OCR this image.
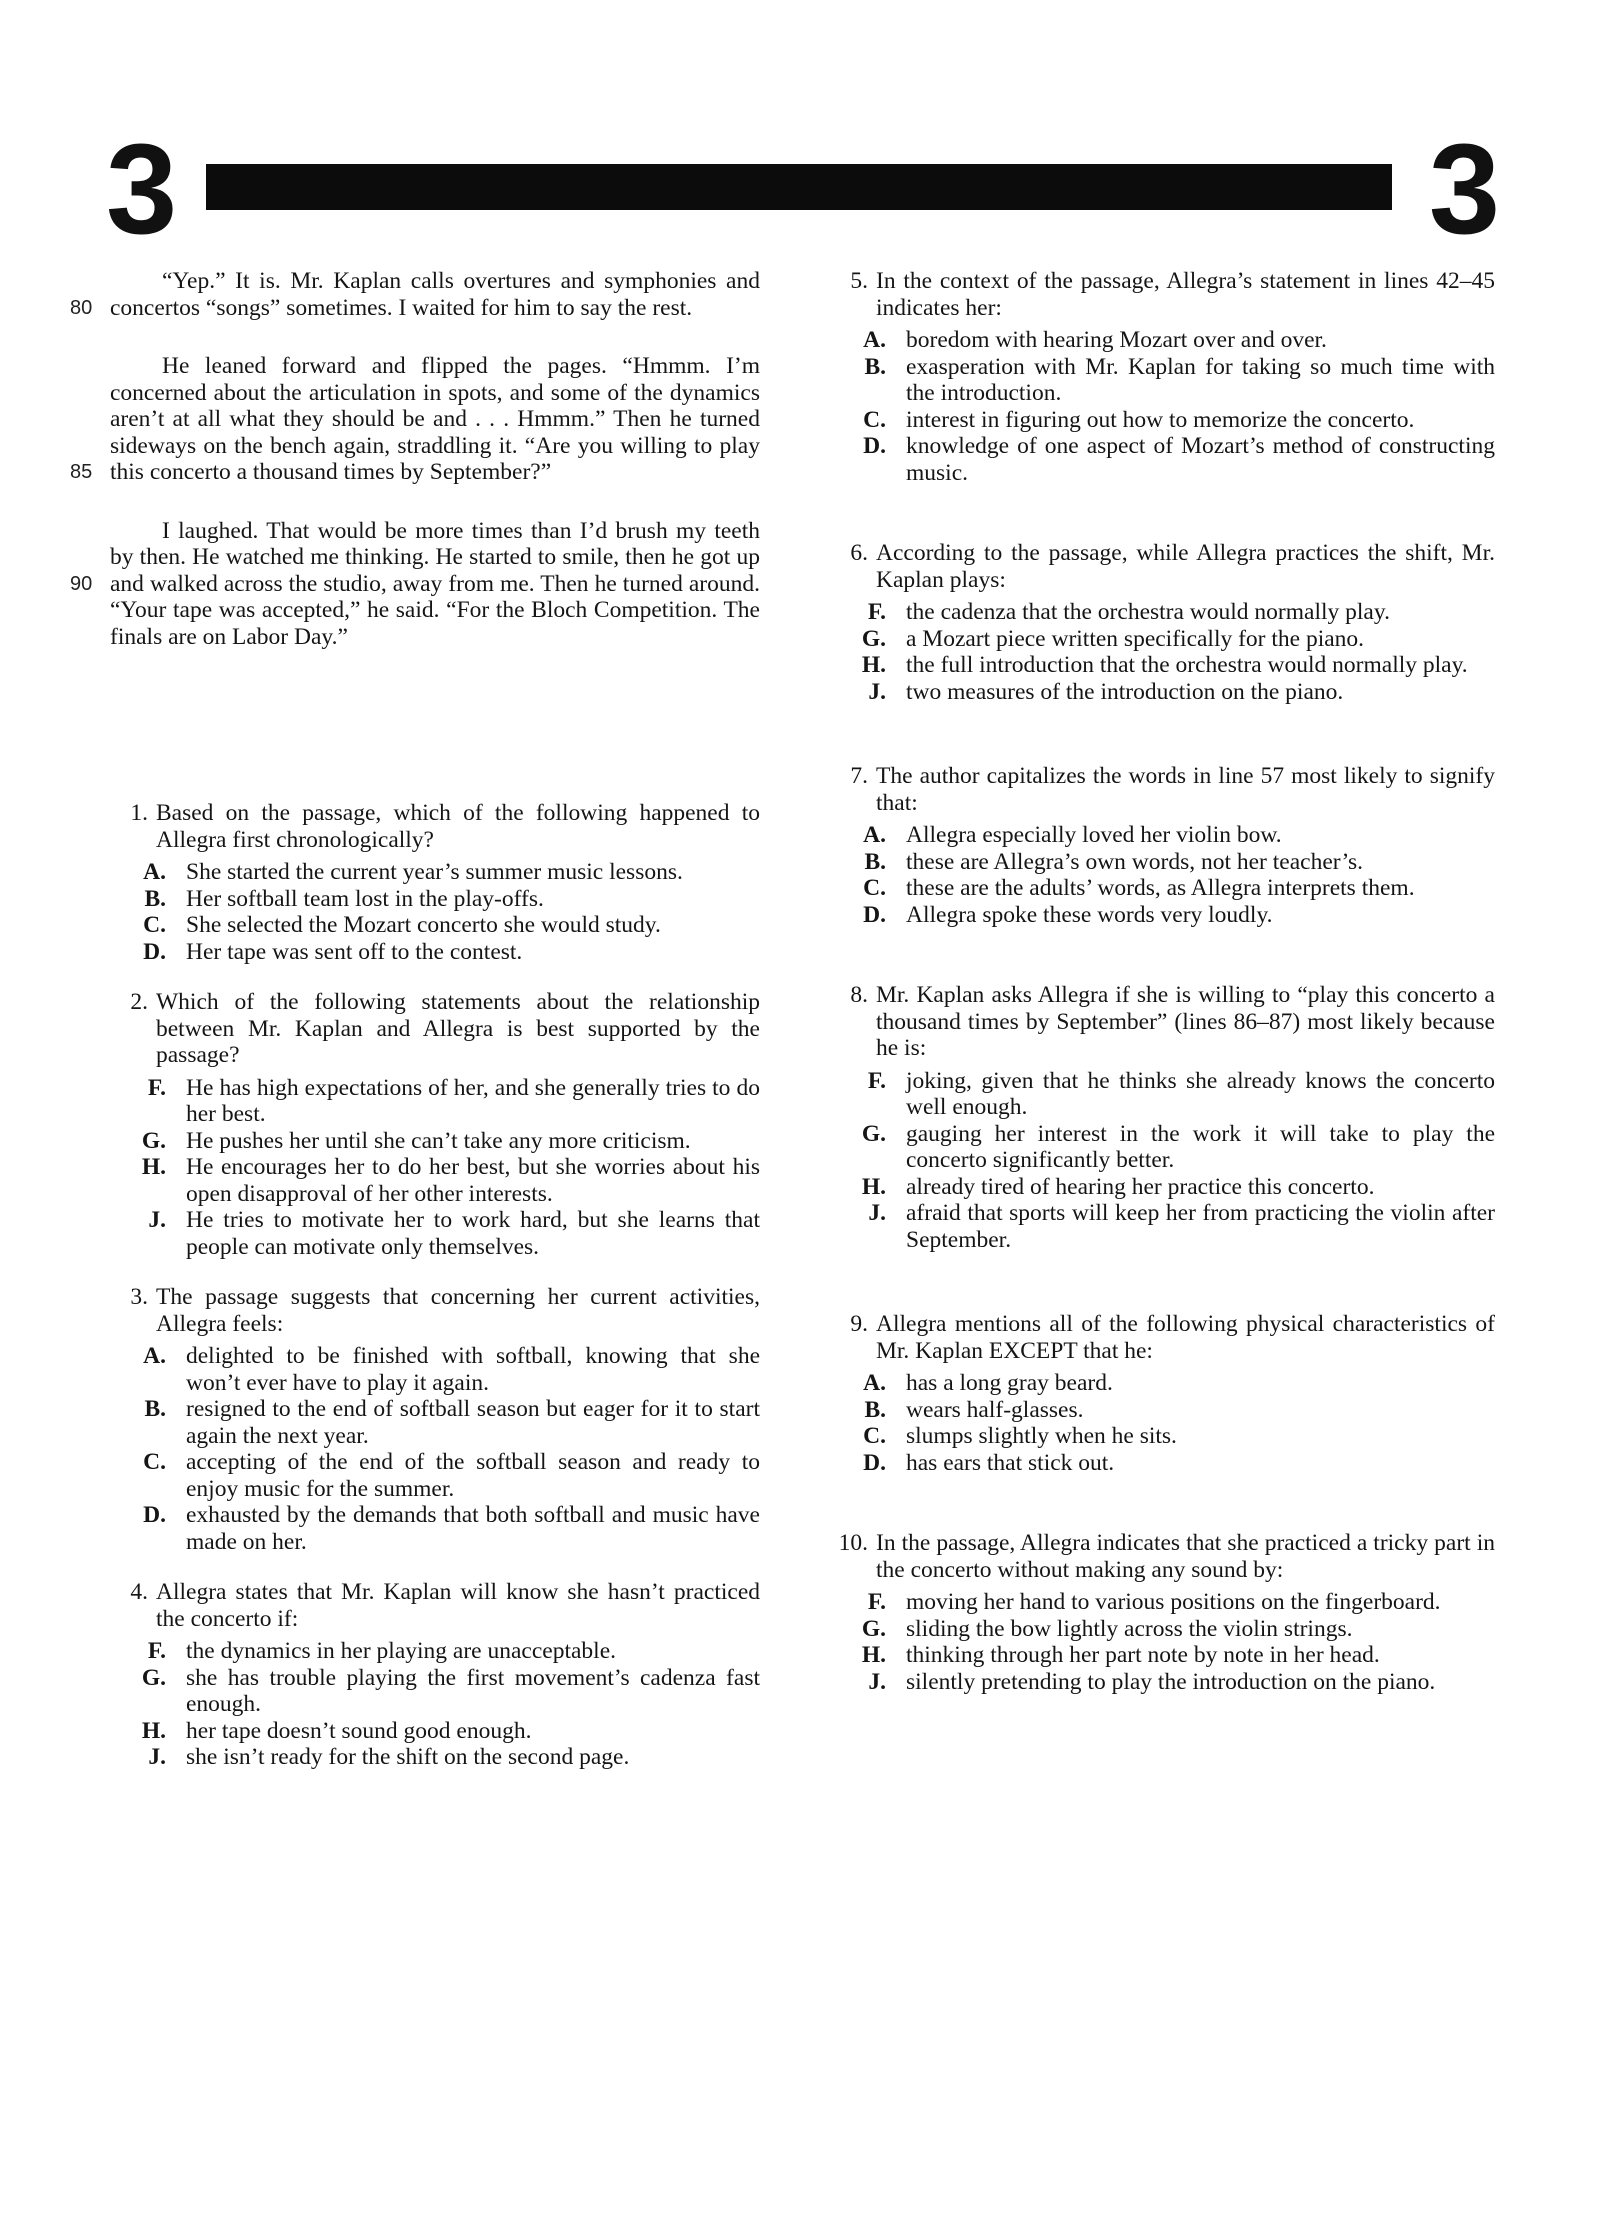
3	3
80

“Yep.” It is. Mr. Kaplan calls overtures and symphonies and concertos “songs” sometimes. I waited for him to say the rest.

85

He leaned forward and flipped the pages. “Hmmm. I’m concerned about the articulation in spots, and some of the dynamics aren’t at all what they should be and . . . Hmmm.” Then he turned sideways on the bench again, straddling it. “Are you willing to play this concerto a thousand times by September?”

90

I laughed. That would be more times than I’d brush my teeth by then. He watched me thinking. He started to smile, then he got up and walked across the studio, away from me. Then he turned around. “Your tape was accepted,” he said. “For the Bloch Competition. The finals are on Labor Day.”

1. Based on the passage, which of the following happened to Allegra first chronologically?
A. She started the current year’s summer music lessons.
B. Her softball team lost in the play-offs.
C. She selected the Mozart concerto she would study.
D. Her tape was sent off to the contest.
2. Which of the following statements about the relationship between Mr. Kaplan and Allegra is best supported by the passage?
F. He has high expectations of her, and she generally tries to do her best.
G. He pushes her until she can’t take any more criticism.
H. He encourages her to do her best, but she worries about his open disapproval of her other interests.
J. He tries to motivate her to work hard, but she learns that people can motivate only themselves.
3. The passage suggests that concerning her current activities, Allegra feels:
A. delighted to be finished with softball, knowing that she won’t ever have to play it again.
B. resigned to the end of softball season but eager for it to start again the next year.
C. accepting of the end of the softball season and ready to enjoy music for the summer.
D. exhausted by the demands that both softball and music have made on her.
4. Allegra states that Mr. Kaplan will know she hasn’t practiced the concerto if:
F. the dynamics in her playing are unacceptable.
G. she has trouble playing the first movement’s cadenza fast enough.
H. her tape doesn’t sound good enough.
J. she isn’t ready for the shift on the second page.
5. In the context of the passage, Allegra’s statement in lines 42–45 indicates her:
A. boredom with hearing Mozart over and over.
B. exasperation with Mr. Kaplan for taking so much time with the introduction.
C. interest in figuring out how to memorize the concerto.
D. knowledge of one aspect of Mozart’s method of constructing music.
6. According to the passage, while Allegra practices the shift, Mr. Kaplan plays:
F. the cadenza that the orchestra would normally play.
G. a Mozart piece written specifically for the piano.
H. the full introduction that the orchestra would normally play.
J. two measures of the introduction on the piano.
7. The author capitalizes the words in line 57 most likely to signify that:
A. Allegra especially loved her violin bow.
B. these are Allegra’s own words, not her teacher’s.
C. these are the adults’ words, as Allegra interprets them.
D. Allegra spoke these words very loudly.
8. Mr. Kaplan asks Allegra if she is willing to “play this concerto a thousand times by September” (lines 86–87) most likely because he is:
F. joking, given that he thinks she already knows the concerto well enough.
G. gauging her interest in the work it will take to play the concerto significantly better.
H. already tired of hearing her practice this concerto.
J. afraid that sports will keep her from practicing the violin after September.
9. Allegra mentions all of the following physical characteristics of Mr. Kaplan EXCEPT that he:
A. has a long gray beard.
B. wears half-glasses.
C. slumps slightly when he sits.
D. has ears that stick out.
10. In the passage, Allegra indicates that she practiced a tricky part in the concerto without making any sound by:
F. moving her hand to various positions on the fingerboard.
G. sliding the bow lightly across the violin strings.
H. thinking through her part note by note in her head.
J. silently pretending to play the introduction on the piano.
